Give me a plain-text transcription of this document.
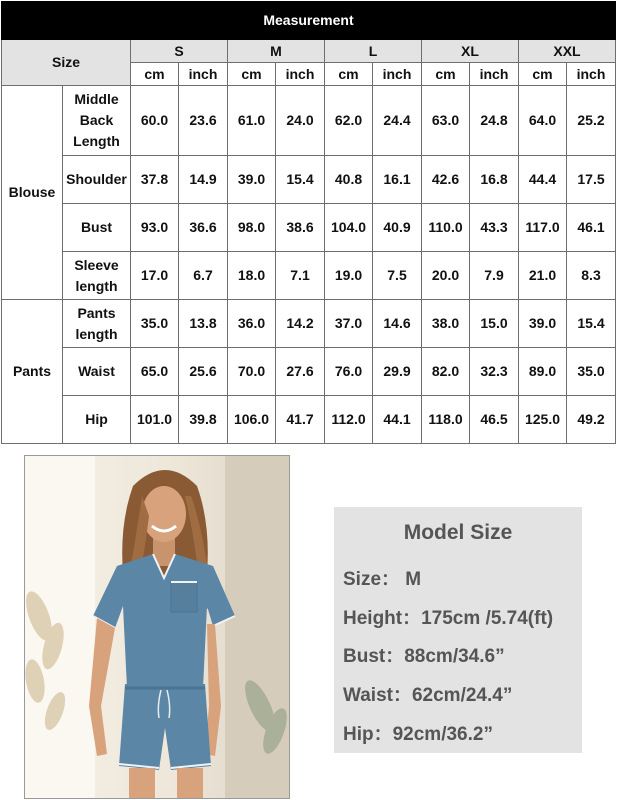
Measurement											
Size		S		M		L		XL		XXL	
		cm	inch	cm	inch	cm	inch	cm	inch	cm	inch
Blouse	Middle Back Length	60.0	23.6	61.0	24.0	62.0	24.4	63.0	24.8	64.0	25.2
	Shoulder	37.8	14.9	39.0	15.4	40.8	16.1	42.6	16.8	44.4	17.5
	Bust	93.0	36.6	98.0	38.6	104.0	40.9	110.0	43.3	117.0	46.1
	Sleeve length	17.0	6.7	18.0	7.1	19.0	7.5	20.0	7.9	21.0	8.3
Pants	Pants length	35.0	13.8	36.0	14.2	37.0	14.6	38.0	15.0	39.0	15.4
	Waist	65.0	25.6	70.0	27.6	76.0	29.9	82.0	32.3	89.0	35.0
	Hip	101.0	39.8	106.0	41.7	112.0	44.1	118.0	46.5	125.0	49.2
Model Size
Size： M
Height：175cm /5.74(ft)
Bust：88cm/34.6”
Waist：62cm/24.4”
Hip：92cm/36.2”
